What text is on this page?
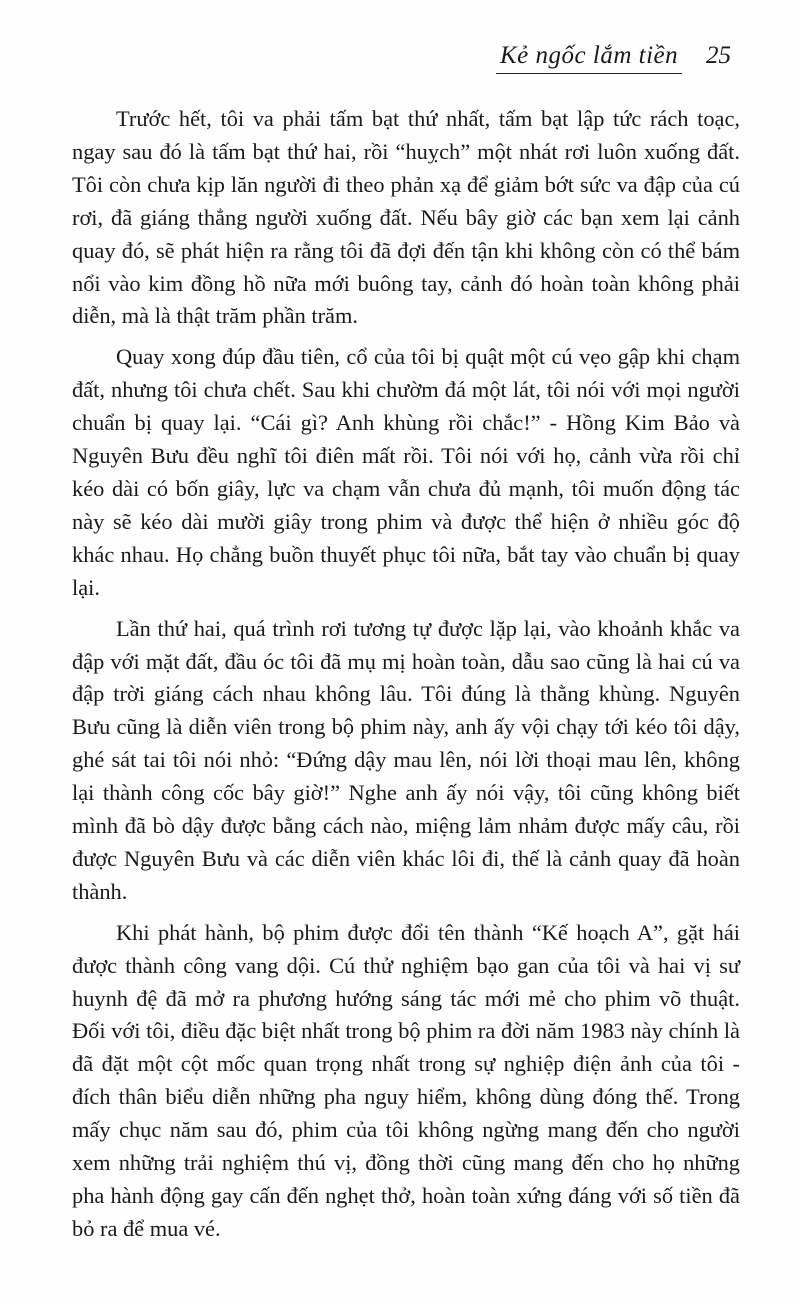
Kẻ ngốc lắm tiền 25

Trước hết, tôi va phải tấm bạt thứ nhất, tấm bạt lập tức rách toạc, ngay sau đó là tấm bạt thứ hai, rồi “huỵch” một nhát rơi luôn xuống đất. Tôi còn chưa kịp lăn người đi theo phản xạ để giảm bớt sức va đập của cú rơi, đã giáng thẳng người xuống đất. Nếu bây giờ các bạn xem lại cảnh quay đó, sẽ phát hiện ra rằng tôi đã đợi đến tận khi không còn có thể bám nổi vào kim đồng hồ nữa mới buông tay, cảnh đó hoàn toàn không phải diễn, mà là thật trăm phần trăm.

Quay xong đúp đầu tiên, cổ của tôi bị quật một cú vẹo gập khi chạm đất, nhưng tôi chưa chết. Sau khi chườm đá một lát, tôi nói với mọi người chuẩn bị quay lại. “Cái gì? Anh khùng rồi chắc!” - Hồng Kim Bảo và Nguyên Bưu đều nghĩ tôi điên mất rồi. Tôi nói với họ, cảnh vừa rồi chỉ kéo dài có bốn giây, lực va chạm vẫn chưa đủ mạnh, tôi muốn động tác này sẽ kéo dài mười giây trong phim và được thể hiện ở nhiều góc độ khác nhau. Họ chẳng buồn thuyết phục tôi nữa, bắt tay vào chuẩn bị quay lại.

Lần thứ hai, quá trình rơi tương tự được lặp lại, vào khoảnh khắc va đập với mặt đất, đầu óc tôi đã mụ mị hoàn toàn, dẫu sao cũng là hai cú va đập trời giáng cách nhau không lâu. Tôi đúng là thằng khùng. Nguyên Bưu cũng là diễn viên trong bộ phim này, anh ấy vội chạy tới kéo tôi dậy, ghé sát tai tôi nói nhỏ: “Đứng dậy mau lên, nói lời thoại mau lên, không lại thành công cốc bây giờ!” Nghe anh ấy nói vậy, tôi cũng không biết mình đã bò dậy được bằng cách nào, miệng lảm nhảm được mấy câu, rồi được Nguyên Bưu và các diễn viên khác lôi đi, thế là cảnh quay đã hoàn thành.

Khi phát hành, bộ phim được đổi tên thành “Kế hoạch A”, gặt hái được thành công vang dội. Cú thử nghiệm bạo gan của tôi và hai vị sư huynh đệ đã mở ra phương hướng sáng tác mới mẻ cho phim võ thuật. Đối với tôi, điều đặc biệt nhất trong bộ phim ra đời năm 1983 này chính là đã đặt một cột mốc quan trọng nhất trong sự nghiệp điện ảnh của tôi - đích thân biểu diễn những pha nguy hiểm, không dùng đóng thế. Trong mấy chục năm sau đó, phim của tôi không ngừng mang đến cho người xem những trải nghiệm thú vị, đồng thời cũng mang đến cho họ những pha hành động gay cấn đến nghẹt thở, hoàn toàn xứng đáng với số tiền đã bỏ ra để mua vé.
